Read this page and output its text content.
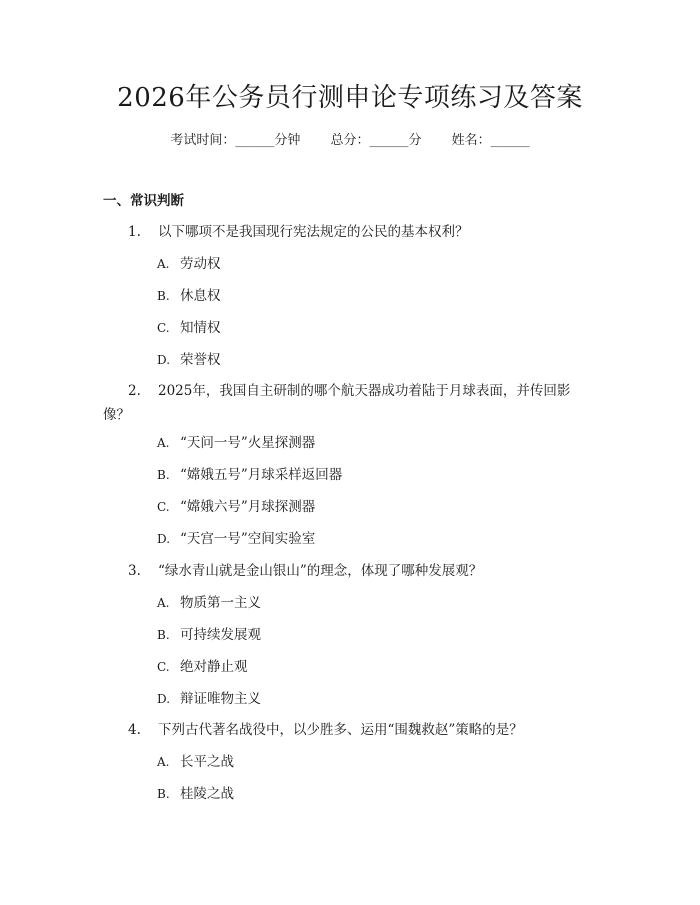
2026年公务员行测申论专项练习及答案
考试时间：______分钟 总分：______分 姓名：______
一、常识判断
1. 以下哪项不是我国现行宪法规定的公民的基本权利？
A. 劳动权
B. 休息权
C. 知情权
D. 荣誉权
2. 2025年，我国自主研制的哪个航天器成功着陆于月球表面，并传回影像？
A. “天问一号”火星探测器
B. “嫦娥五号”月球采样返回器
C. “嫦娥六号”月球探测器
D. “天宫一号”空间实验室
3. “绿水青山就是金山银山”的理念，体现了哪种发展观？
A. 物质第一主义
B. 可持续发展观
C. 绝对静止观
D. 辩证唯物主义
4. 下列古代著名战役中，以少胜多、运用“围魏救赵”策略的是？
A. 长平之战
B. 桂陵之战
